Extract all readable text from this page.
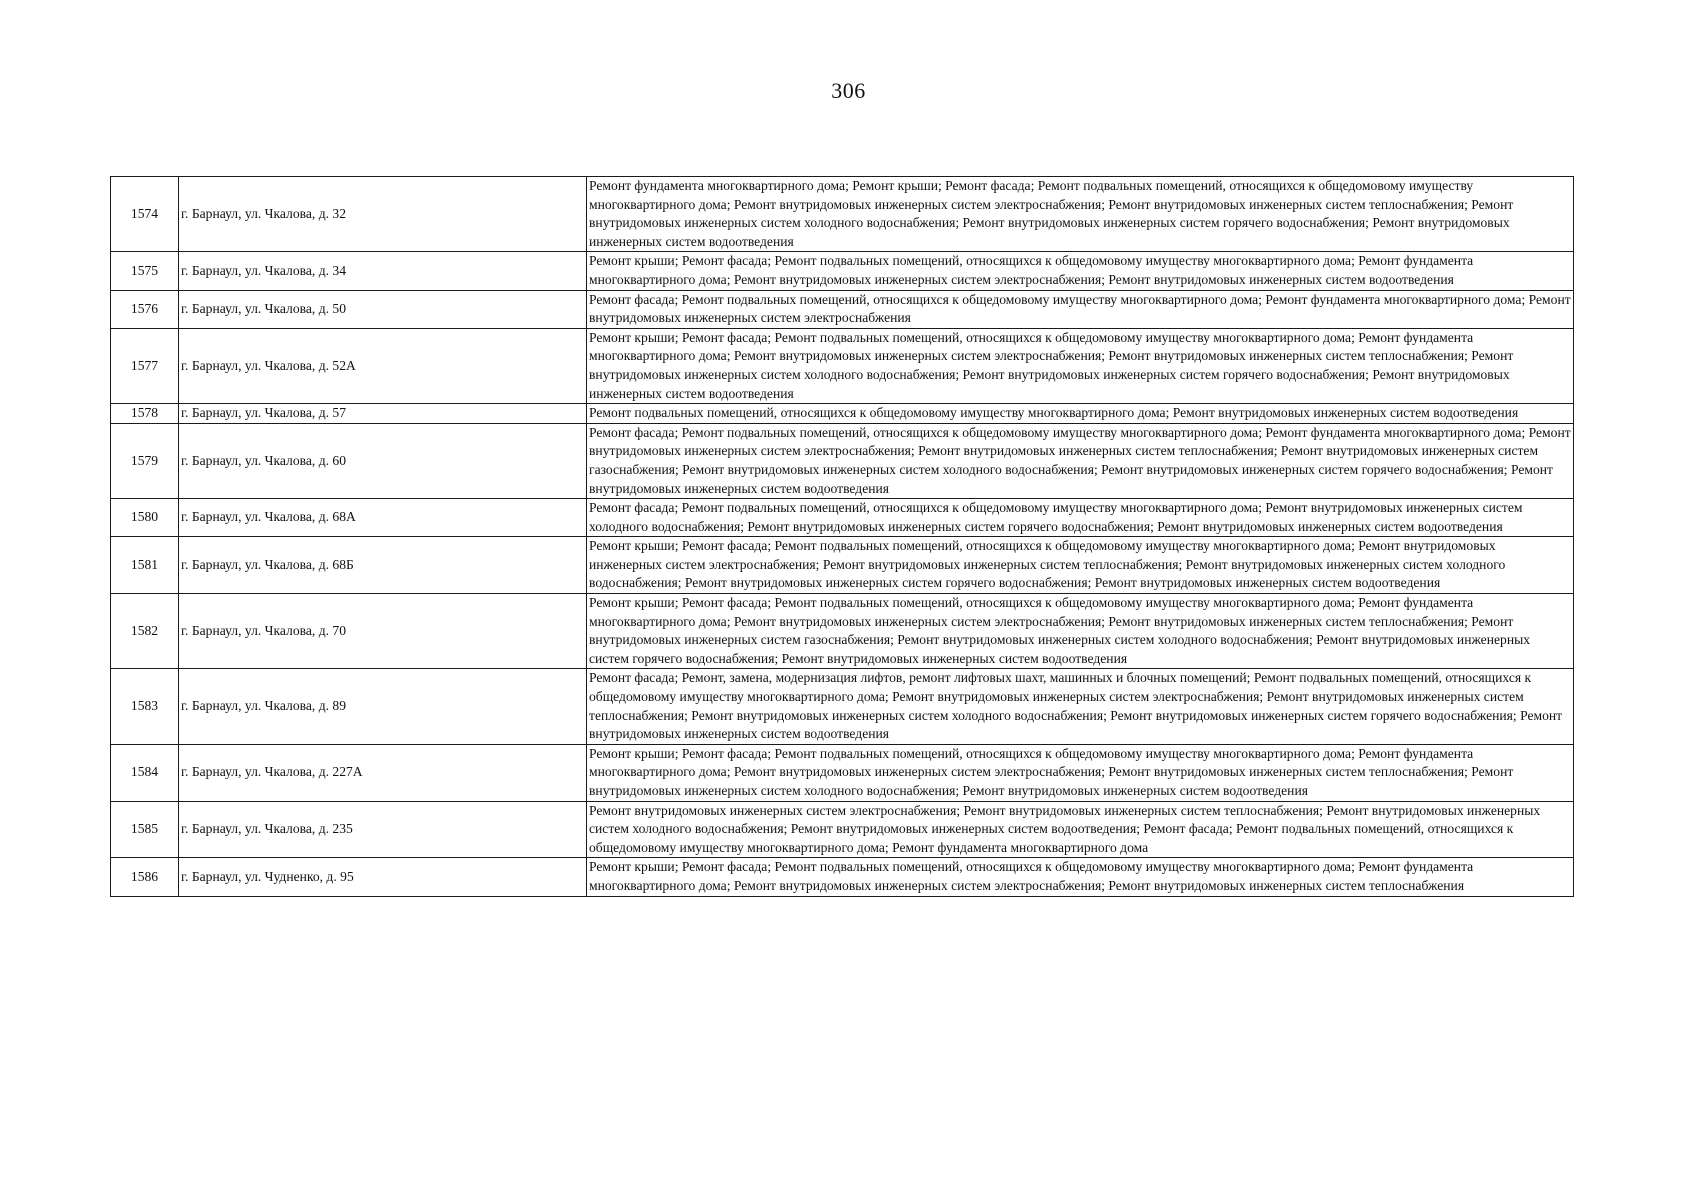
306
1574	г. Барнаул, ул. Чкалова, д. 32	Ремонт фундамента многоквартирного дома; Ремонт крыши; Ремонт фасада; Ремонт подвальных помещений, относящихся к общедомовому имуществу многоквартирного дома; Ремонт внутридомовых инженерных систем электроснабжения; Ремонт внутридомовых инженерных систем теплоснабжения; Ремонт внутридомовых инженерных систем холодного водоснабжения; Ремонт внутридомовых инженерных систем горячего водоснабжения; Ремонт внутридомовых инженерных систем водоотведения
1575	г. Барнаул, ул. Чкалова, д. 34	Ремонт крыши; Ремонт фасада; Ремонт подвальных помещений, относящихся к общедомовому имуществу многоквартирного дома; Ремонт фундамента многоквартирного дома; Ремонт внутридомовых инженерных систем электроснабжения; Ремонт внутридомовых инженерных систем водоотведения
1576	г. Барнаул, ул. Чкалова, д. 50	Ремонт фасада; Ремонт подвальных помещений, относящихся к общедомовому имуществу многоквартирного дома; Ремонт фундамента многоквартирного дома; Ремонт внутридомовых инженерных систем электроснабжения
1577	г. Барнаул, ул. Чкалова, д. 52А	Ремонт крыши; Ремонт фасада; Ремонт подвальных помещений, относящихся к общедомовому имуществу многоквартирного дома; Ремонт фундамента многоквартирного дома; Ремонт внутридомовых инженерных систем электроснабжения; Ремонт внутридомовых инженерных систем теплоснабжения; Ремонт внутридомовых инженерных систем холодного водоснабжения; Ремонт внутридомовых инженерных систем горячего водоснабжения; Ремонт внутридомовых инженерных систем водоотведения
1578	г. Барнаул, ул. Чкалова, д. 57	Ремонт подвальных помещений, относящихся к общедомовому имуществу многоквартирного дома; Ремонт внутридомовых инженерных систем водоотведения
1579	г. Барнаул, ул. Чкалова, д. 60	Ремонт фасада; Ремонт подвальных помещений, относящихся к общедомовому имуществу многоквартирного дома; Ремонт фундамента многоквартирного дома; Ремонт внутридомовых инженерных систем электроснабжения; Ремонт внутридомовых инженерных систем теплоснабжения; Ремонт внутридомовых инженерных систем газоснабжения; Ремонт внутридомовых инженерных систем холодного водоснабжения; Ремонт внутридомовых инженерных систем горячего водоснабжения; Ремонт внутридомовых инженерных систем водоотведения
1580	г. Барнаул, ул. Чкалова, д. 68А	Ремонт фасада; Ремонт подвальных помещений, относящихся к общедомовому имуществу многоквартирного дома; Ремонт внутридомовых инженерных систем холодного водоснабжения; Ремонт внутридомовых инженерных систем горячего водоснабжения; Ремонт внутридомовых инженерных систем водоотведения
1581	г. Барнаул, ул. Чкалова, д. 68Б	Ремонт крыши; Ремонт фасада; Ремонт подвальных помещений, относящихся к общедомовому имуществу многоквартирного дома; Ремонт внутридомовых инженерных систем электроснабжения; Ремонт внутридомовых инженерных систем теплоснабжения; Ремонт внутридомовых инженерных систем холодного водоснабжения; Ремонт внутридомовых инженерных систем горячего водоснабжения; Ремонт внутридомовых инженерных систем водоотведения
1582	г. Барнаул, ул. Чкалова, д. 70	Ремонт крыши; Ремонт фасада; Ремонт подвальных помещений, относящихся к общедомовому имуществу многоквартирного дома; Ремонт фундамента многоквартирного дома; Ремонт внутридомовых инженерных систем электроснабжения; Ремонт внутридомовых инженерных систем теплоснабжения; Ремонт внутридомовых инженерных систем газоснабжения; Ремонт внутридомовых инженерных систем холодного водоснабжения; Ремонт внутридомовых инженерных систем горячего водоснабжения; Ремонт внутридомовых инженерных систем водоотведения
1583	г. Барнаул, ул. Чкалова, д. 89	Ремонт фасада; Ремонт, замена, модернизация лифтов, ремонт лифтовых шахт, машинных и блочных помещений; Ремонт подвальных помещений, относящихся к общедомовому имуществу многоквартирного дома; Ремонт внутридомовых инженерных систем электроснабжения; Ремонт внутридомовых инженерных систем теплоснабжения; Ремонт внутридомовых инженерных систем холодного водоснабжения; Ремонт внутридомовых инженерных систем горячего водоснабжения; Ремонт внутридомовых инженерных систем водоотведения
1584	г. Барнаул, ул. Чкалова, д. 227А	Ремонт крыши; Ремонт фасада; Ремонт подвальных помещений, относящихся к общедомовому имуществу многоквартирного дома; Ремонт фундамента многоквартирного дома; Ремонт внутридомовых инженерных систем электроснабжения; Ремонт внутридомовых инженерных систем теплоснабжения; Ремонт внутридомовых инженерных систем холодного водоснабжения; Ремонт внутридомовых инженерных систем водоотведения
1585	г. Барнаул, ул. Чкалова, д. 235	Ремонт внутридомовых инженерных систем электроснабжения; Ремонт внутридомовых инженерных систем теплоснабжения; Ремонт внутридомовых инженерных систем холодного водоснабжения; Ремонт внутридомовых инженерных систем водоотведения; Ремонт фасада; Ремонт подвальных помещений, относящихся к общедомовому имуществу многоквартирного дома; Ремонт фундамента многоквартирного дома
1586	г. Барнаул, ул. Чудненко, д. 95	Ремонт крыши; Ремонт фасада; Ремонт подвальных помещений, относящихся к общедомовому имуществу многоквартирного дома; Ремонт фундамента многоквартирного дома; Ремонт внутридомовых инженерных систем электроснабжения; Ремонт внутридомовых инженерных систем теплоснабжения
